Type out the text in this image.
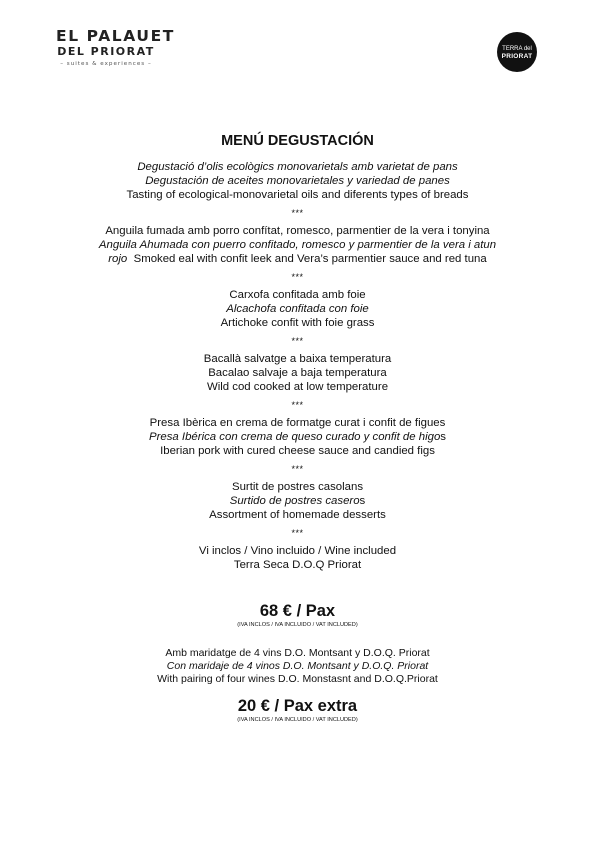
EL PALAUET
DEL PRIORAT
– suites & experiences –
TERRA del
PRIORAT
MENÚ DEGUSTACIÓN
Degustació d’olis ecològics monovarietals amb varietat de pans
Degustación de aceites monovarietales y variedad de panes
Tasting of ecological-monovarietal oils and diferents types of breads
***
Anguila fumada amb porro confítat, romesco, parmentier de la vera i tonyina
Anguila Ahumada con puerro confitado, romesco y parmentier de la vera i atun
rojo Smoked eal with confit leek and Vera’s parmentier sauce and red tuna
***
Carxofa confitada amb foie
Alcachofa confitada con foie
Artichoke confit with foie grass
***
Bacallà salvatge a baixa temperatura
Bacalao salvaje a baja temperatura
Wild cod cooked at low temperature
***
Presa Ibèrica en crema de formatge curat i confit de figues
Presa Ibérica con crema de queso curado y confit de higos
Iberian pork with cured cheese sauce and candied figs
***
Surtit de postres casolans
Surtido de postres caseros
Assortment of homemade desserts
***
Vi inclos / Vino incluido / Wine included
Terra Seca D.O.Q Priorat
68 € / Pax
(IVA INCLOS / IVA INCLUIDO / VAT INCLUDED)
Amb maridatge de 4 vins D.O. Montsant y D.O.Q. Priorat
Con maridaje de 4 vinos D.O. Montsant y D.O.Q. Priorat
With pairing of four wines D.O. Monstasnt and D.O.Q.Priorat
20 € / Pax extra
(IVA INCLOS / IVA INCLUIDO / VAT INCLUDED)
